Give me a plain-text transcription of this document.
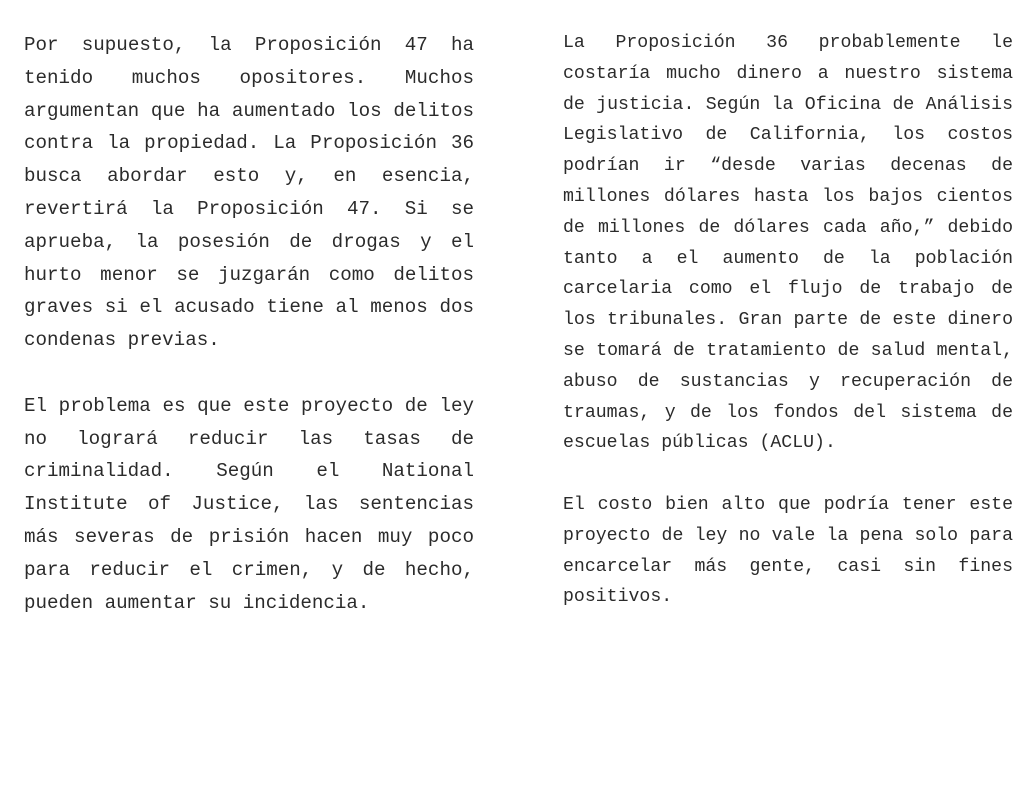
Por supuesto, la Proposición 47 ha tenido muchos opositores. Muchos argumentan que ha aumentado los delitos contra la propiedad. La Proposición 36 busca abordar esto y, en esencia, revertirá la Proposición 47. Si se aprueba, la posesión de drogas y el hurto menor se juzgarán como delitos graves si el acusado tiene al menos dos condenas previas.

El problema es que este proyecto de ley no logrará reducir las tasas de criminalidad. Según el National Institute of Justice, las sentencias más severas de prisión hacen muy poco para reducir el crimen, y de hecho, pueden aumentar su incidencia.

La Proposición 36 probablemente le costaría mucho dinero a nuestro sistema de justicia. Según la Oficina de Análisis Legislativo de California, los costos podrían ir “desde varias decenas de millones dólares hasta los bajos cientos de millones de dólares cada año,” debido tanto a el aumento de la población carcelaria como el flujo de trabajo de los tribunales. Gran parte de este dinero se tomará de tratamiento de salud mental, abuso de sustancias y recuperación de traumas, y de los fondos del sistema de escuelas públicas (ACLU).

El costo bien alto que podría tener este proyecto de ley no vale la pena solo para encarcelar más gente, casi sin fines positivos.
